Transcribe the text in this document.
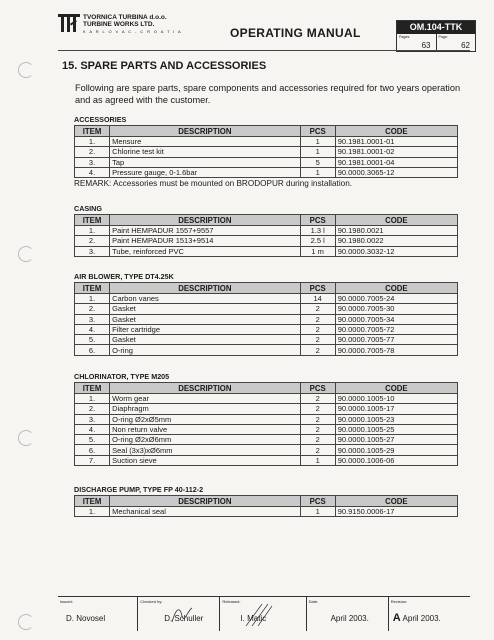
TVORNICA TURBINA d.o.o.
TURBINE WORKS LTD.
K A R L O V A C - C R O A T I A	OPERATING MANUAL	OM.104-TTK
Pages:
63
Page:
62
15. SPARE PARTS AND ACCESSORIES
Following are spare parts, spare components and accessories required for two years operation and as agreed with the customer.
ACCESSORIES
ITEM	DESCRIPTION	PCS	CODE
1.	Mensure	1	90.1981.0001-01
2.	Chlorine test kit	1	90.1981.0001-02
3.	Tap	5	90.1981.0001-04
4.	Pressure gauge, 0-1.6bar	1	90.0000.3065-12
REMARK: Accessories must be mounted on BRODOPUR during installation.
CASING
ITEM	DESCRIPTION	PCS	CODE
1.	Paint HEMPADUR 1557+9557	1.3 l	90.1980.0021
2.	Paint HEMPADUR 1513+9514	2.5 l	90.1980.0022
3.	Tube, reinforced PVC	1 m	90.0000.3032-12
AIR BLOWER, TYPE DT4.25K
ITEM	DESCRIPTION	PCS	CODE
1.	Carbon vanes	14	90.0000.7005-24
2.	Gasket	2	90.0000.7005-30
3.	Gasket	2	90.0000.7005-34
4.	Filter cartridge	2	90.0000.7005-72
5.	Gasket	2	90.0000.7005-77
6.	O-ring	2	90.0000.7005-78
CHLORINATOR, TYPE M205
ITEM	DESCRIPTION	PCS	CODE
1.	Worm gear	2	90.0000.1005-10
2.	Diaphragm	2	90.0000.1005-17
3.	O-ring Ø2xØ5mm	2	90.0000.1005-23
4.	Non return valve	2	90.0000.1005-25
5.	O-ring Ø2xØ6mm	2	90.0000.1005-27
6.	Seal (3x3)xØ6mm	2	90.0000.1005-29
7.	Suction sieve	1	90.0000.1006-06
DISCHARGE PUMP, TYPE FP 40-112-2
ITEM	DESCRIPTION	PCS	CODE
1.	Mechanical seal	1	90.9150.0006-17
Issued:
D. Novosel
Checked by:
D. Schuller
Released:
I. Matic
Date:
April 2003.
Revision:
A April 2003.
